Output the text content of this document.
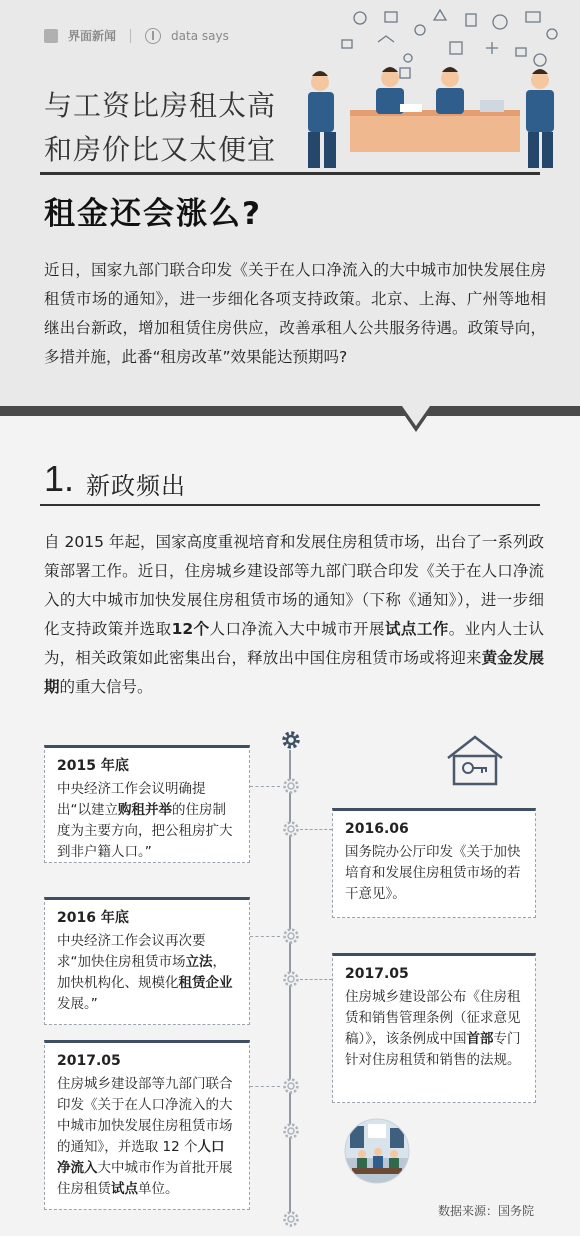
界面新闻	data says
与工资比房租太高
和房价比又太便宜
租金还会涨么?
近日，国家九部门联合印发《关于在人口净流入的大中城市加快发展住房租赁市场的通知》，进一步细化各项支持政策。北京、上海、广州等地相继出台新政，增加租赁住房供应，改善承租人公共服务待遇。政策导向，多措并施，此番“租房改革”效果能达预期吗?
1. 新政频出
自 2015 年起，国家高度重视培育和发展住房租赁市场，出台了一系列政策部署工作。近日，住房城乡建设部等九部门联合印发《关于在人口净流入的大中城市加快发展住房租赁市场的通知》（下称《通知》），进一步细化支持政策并选取12个人口净流入大中城市开展试点工作。业内人士认为，相关政策如此密集出台，释放出中国住房租赁市场或将迎来黄金发展期的重大信号。
2015 年底
中央经济工作会议明确提出“以建立购租并举的住房制度为主要方向，把公租房扩大到非户籍人口。”
2016.06
国务院办公厅印发《关于加快培育和发展住房租赁市场的若干意见》。
2016 年底
中央经济工作会议再次要求“加快住房租赁市场立法，加快机构化、规模化租赁企业发展。”
2017.05
住房城乡建设部公布《住房租赁和销售管理条例（征求意见稿）》，该条例成中国首部专门针对住房租赁和销售的法规。
2017.05
住房城乡建设部等九部门联合印发《关于在人口净流入的大中城市加快发展住房租赁市场的通知》，并选取 12 个人口净流入大中城市作为首批开展住房租赁试点单位。
数据来源：国务院
